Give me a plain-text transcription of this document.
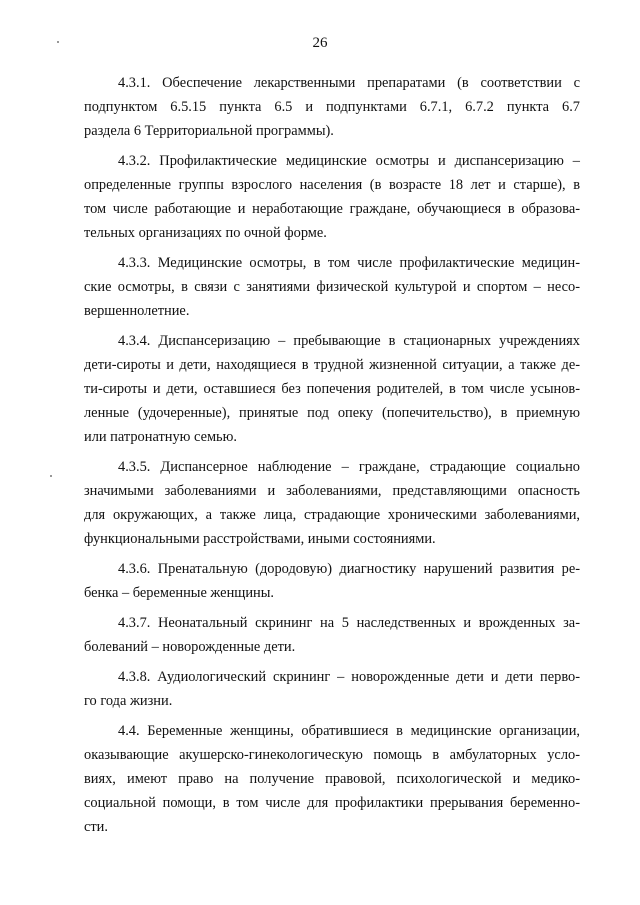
26
4.3.1. Обеспечение лекарственными препаратами (в соответствии с
подпунктом 6.5.15 пункта 6.5 и подпунктами 6.7.1, 6.7.2 пункта 6.7
раздела 6 Территориальной программы).
4.3.2. Профилактические медицинские осмотры и диспансеризацию –
определенные группы взрослого населения (в возрасте 18 лет и старше), в
том числе работающие и неработающие граждане, обучающиеся в образова-
тельных организациях по очной форме.
4.3.3. Медицинские осмотры, в том числе профилактические медицин-
ские осмотры, в связи с занятиями физической культурой и спортом – несо-
вершеннолетние.
4.3.4. Диспансеризацию – пребывающие в стационарных учреждениях
дети-сироты и дети, находящиеся в трудной жизненной ситуации, а также де-
ти-сироты и дети, оставшиеся без попечения родителей, в том числе усынов-
ленные (удочеренные), принятые под опеку (попечительство), в приемную
или патронатную семью.
4.3.5. Диспансерное наблюдение – граждане, страдающие социально
значимыми заболеваниями и заболеваниями, представляющими опасность
для окружающих, а также лица, страдающие хроническими заболеваниями,
функциональными расстройствами, иными состояниями.
4.3.6. Пренатальную (дородовую) диагностику нарушений развития ре-
бенка – беременные женщины.
4.3.7. Неонатальный скрининг на 5 наследственных и врожденных за-
болеваний – новорожденные дети.
4.3.8. Аудиологический скрининг – новорожденные дети и дети перво-
го года жизни.
4.4. Беременные женщины, обратившиеся в медицинские организации,
оказывающие акушерско-гинекологическую помощь в амбулаторных усло-
виях, имеют право на получение правовой, психологической и медико-
социальной помощи, в том числе для профилактики прерывания беременно-
сти.
